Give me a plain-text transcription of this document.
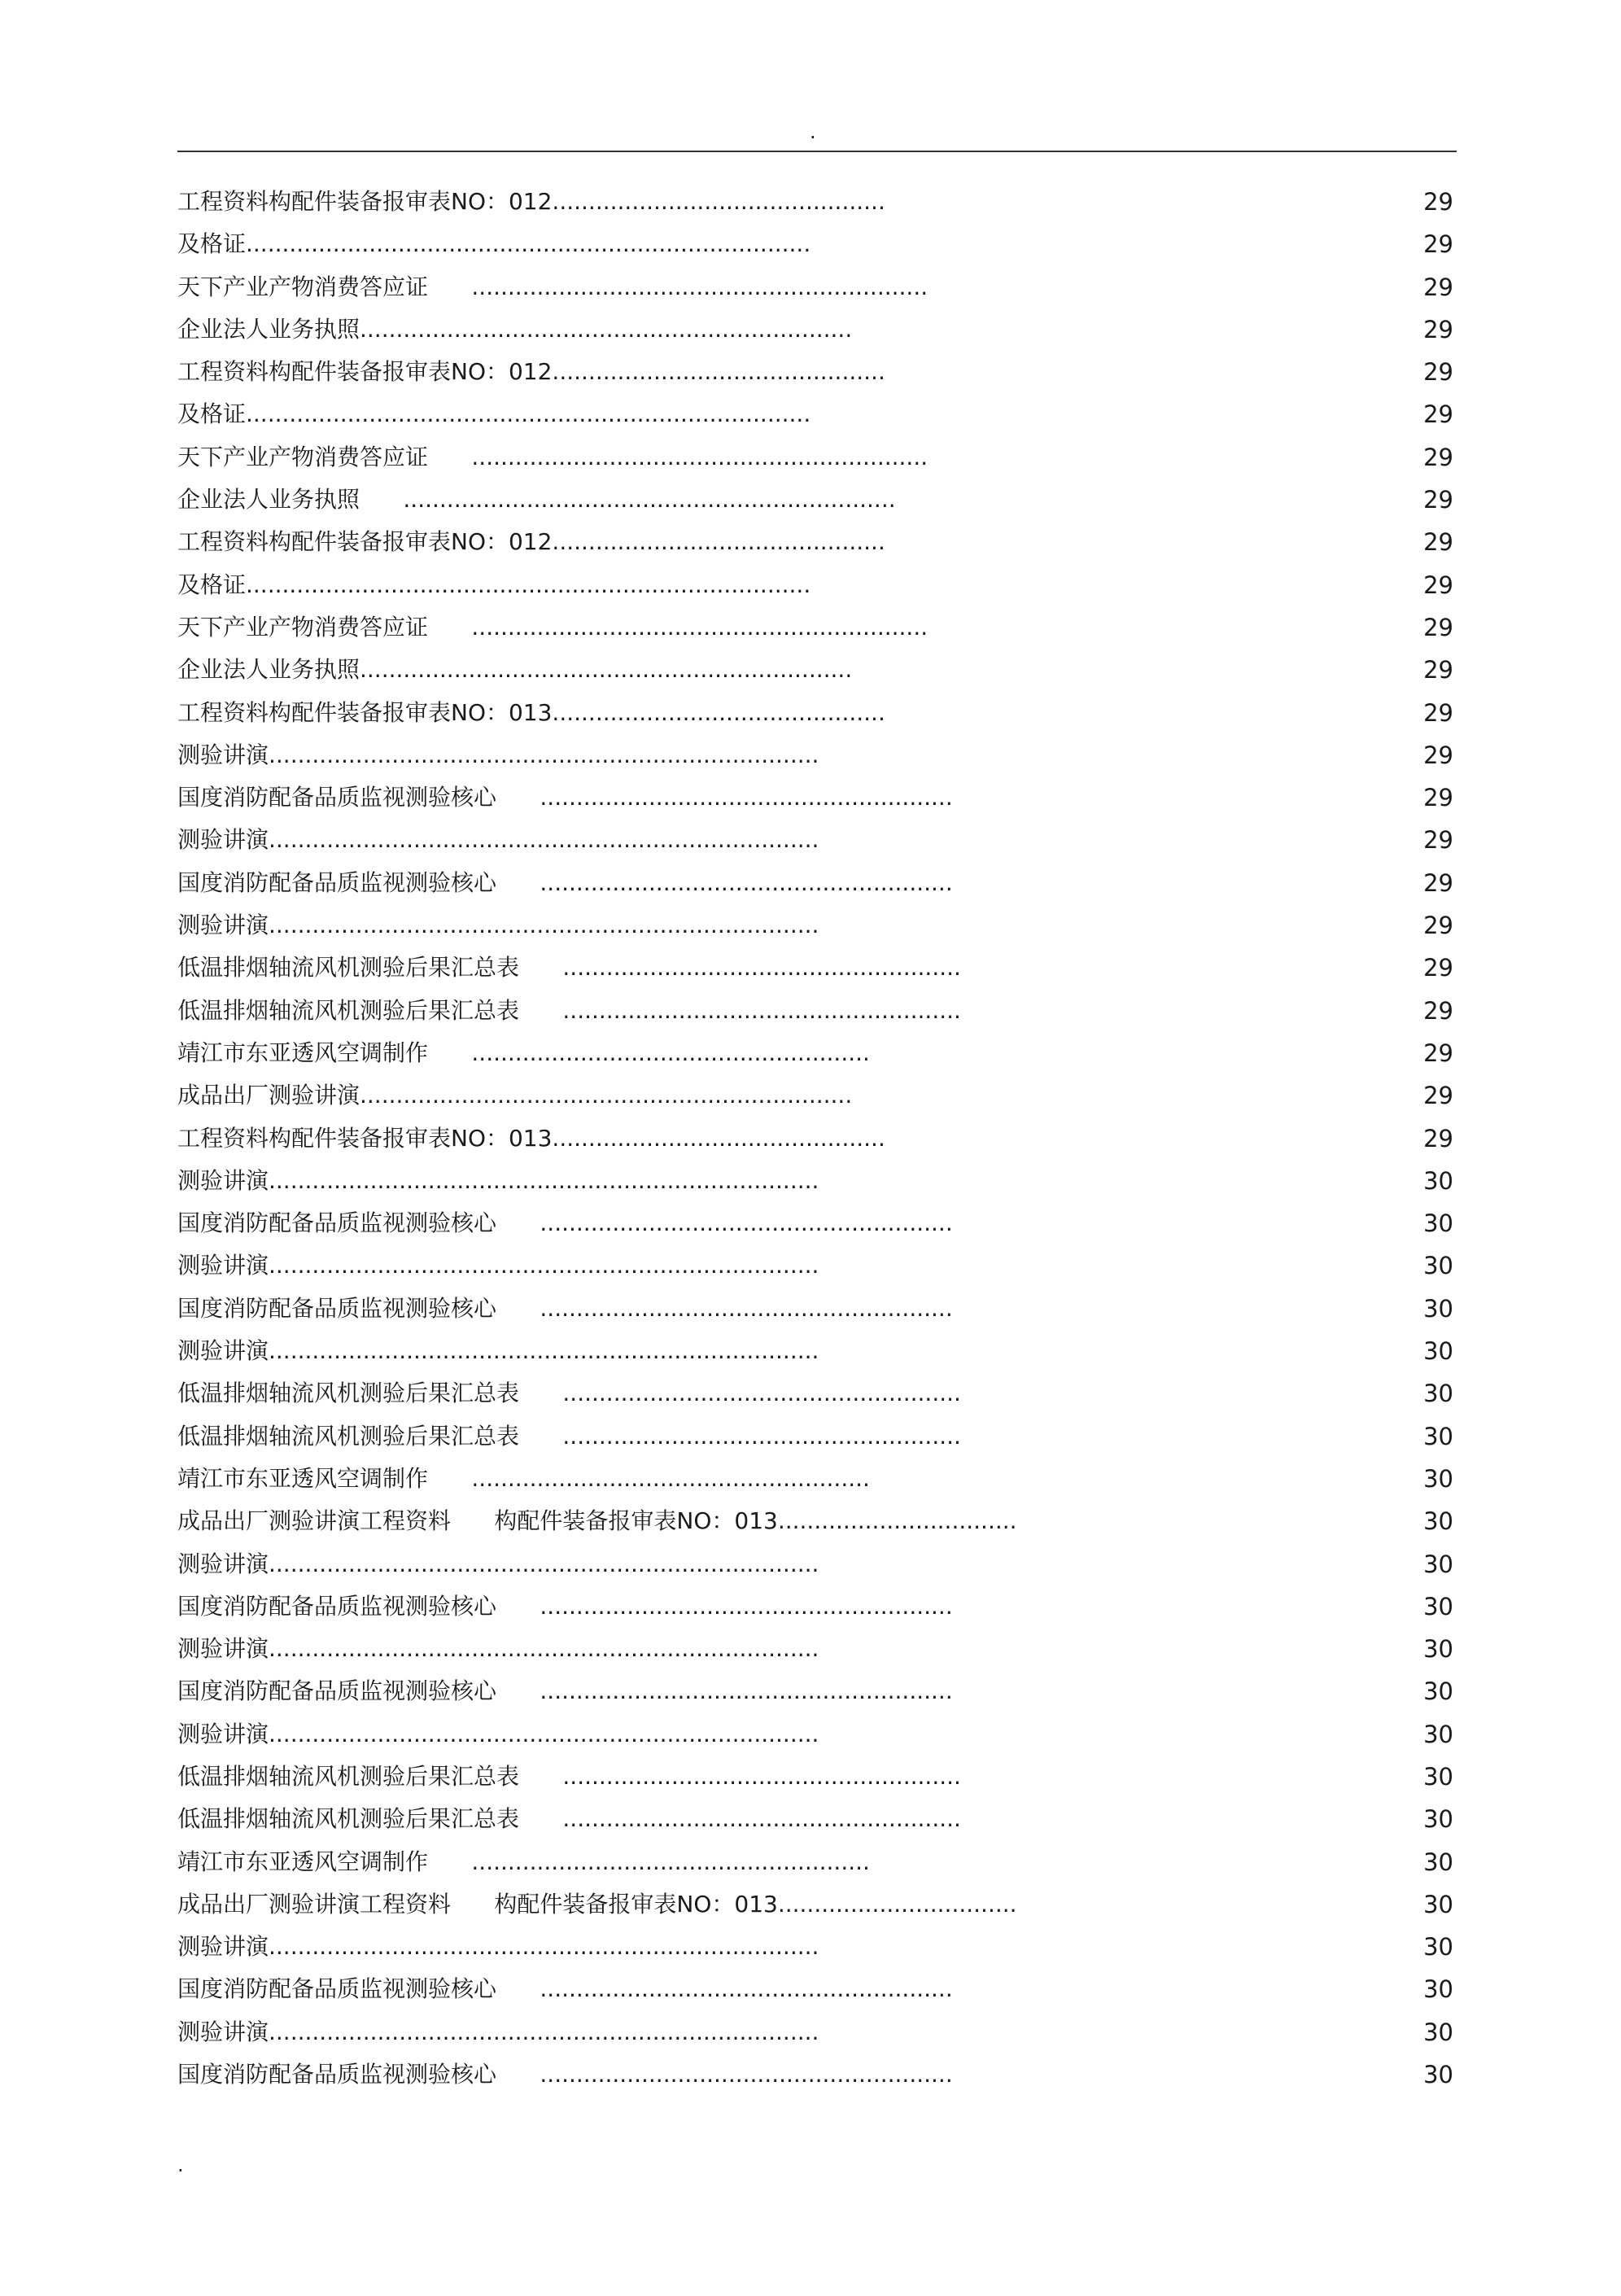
.
工程资料构配件装备报审表NO：012..............................................	29
及格证..............................................................................	29
天下产业产物消费答应证      ...............................................................	29
企业法人业务执照....................................................................	29
工程资料构配件装备报审表NO：012..............................................	29
及格证..............................................................................	29
天下产业产物消费答应证      ...............................................................	29
企业法人业务执照      ....................................................................	29
工程资料构配件装备报审表NO：012..............................................	29
及格证..............................................................................	29
天下产业产物消费答应证      ...............................................................	29
企业法人业务执照....................................................................	29
工程资料构配件装备报审表NO：013..............................................	29
测验讲演............................................................................	29
国度消防配备品质监视测验核心      .........................................................	29
测验讲演............................................................................	29
国度消防配备品质监视测验核心      .........................................................	29
测验讲演............................................................................	29
低温排烟轴流风机测验后果汇总表      .......................................................	29
低温排烟轴流风机测验后果汇总表      .......................................................	29
靖江市东亚透风空调制作      .......................................................	29
成品出厂测验讲演....................................................................	29
工程资料构配件装备报审表NO：013..............................................	29
测验讲演............................................................................	30
国度消防配备品质监视测验核心      .........................................................	30
测验讲演............................................................................	30
国度消防配备品质监视测验核心      .........................................................	30
测验讲演............................................................................	30
低温排烟轴流风机测验后果汇总表      .......................................................	30
低温排烟轴流风机测验后果汇总表      .......................................................	30
靖江市东亚透风空调制作      .......................................................	30
成品出厂测验讲演工程资料      构配件装备报审表NO：013.................................	30
测验讲演............................................................................	30
国度消防配备品质监视测验核心      .........................................................	30
测验讲演............................................................................	30
国度消防配备品质监视测验核心      .........................................................	30
测验讲演............................................................................	30
低温排烟轴流风机测验后果汇总表      .......................................................	30
低温排烟轴流风机测验后果汇总表      .......................................................	30
靖江市东亚透风空调制作      .......................................................	30
成品出厂测验讲演工程资料      构配件装备报审表NO：013.................................	30
测验讲演............................................................................	30
国度消防配备品质监视测验核心      .........................................................	30
测验讲演............................................................................	30
国度消防配备品质监视测验核心      .........................................................	30
.
